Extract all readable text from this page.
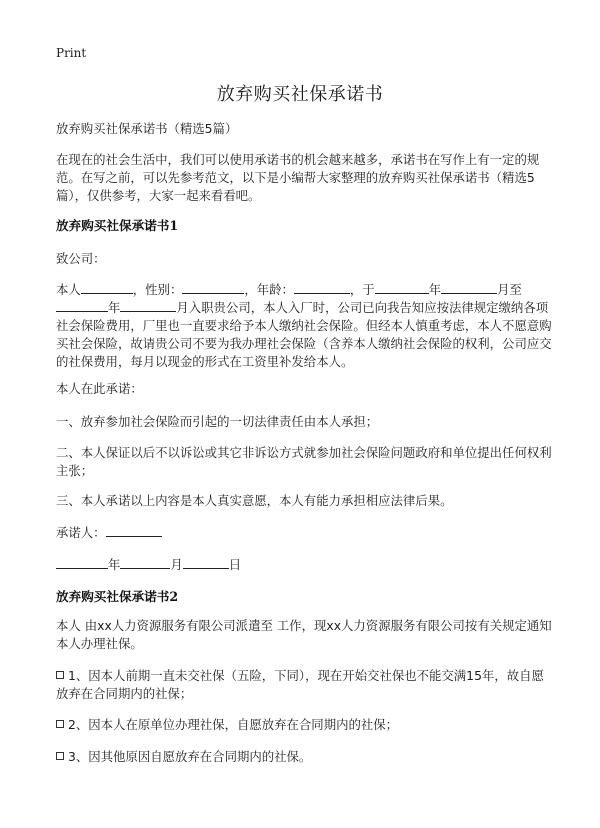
Print
放弃购买社保承诺书
放弃购买社保承诺书（精选5篇）
在现在的社会生活中，我们可以使用承诺书的机会越来越多，承诺书在写作上有一定的规范。在写之前，可以先参考范文，以下是小编帮大家整理的放弃购买社保承诺书（精选5篇），仅供参考，大家一起来看看吧。
放弃购买社保承诺书1
致公司：
本人	，性别：	，年龄：	，于	年	月至年	月入职贵公司，本人入厂时，公司已向我告知应按法律规定缴纳各项社会保险费用，厂里也一直要求给予本人缴纳社会保险。但经本人慎重考虑，本人不愿意购买社会保险，故请贵公司不要为我办理社会保险（含养本人缴纳社会保险的权利，公司应交的社保费用，每月以现金的形式在工资里补发给本人。
本人在此承诺：
一、放弃参加社会保险而引起的一切法律责任由本人承担；
二、本人保证以后不以诉讼或其它非诉讼方式就参加社会保险问题政府和单位提出任何权利主张；
三、本人承诺以上内容是本人真实意愿，本人有能力承担相应法律后果。
承诺人：
年	月	日
放弃购买社保承诺书2
本人 由xx人力资源服务有限公司派遣至 工作，现xx人力资源服务有限公司按有关规定通知本人办理社保。
1、因本人前期一直未交社保（五险，下同），现在开始交社保也不能交满15年，故自愿放弃在合同期内的社保；
2、因本人在原单位办理社保，自愿放弃在合同期内的社保；
3、因其他原因自愿放弃在合同期内的社保。
